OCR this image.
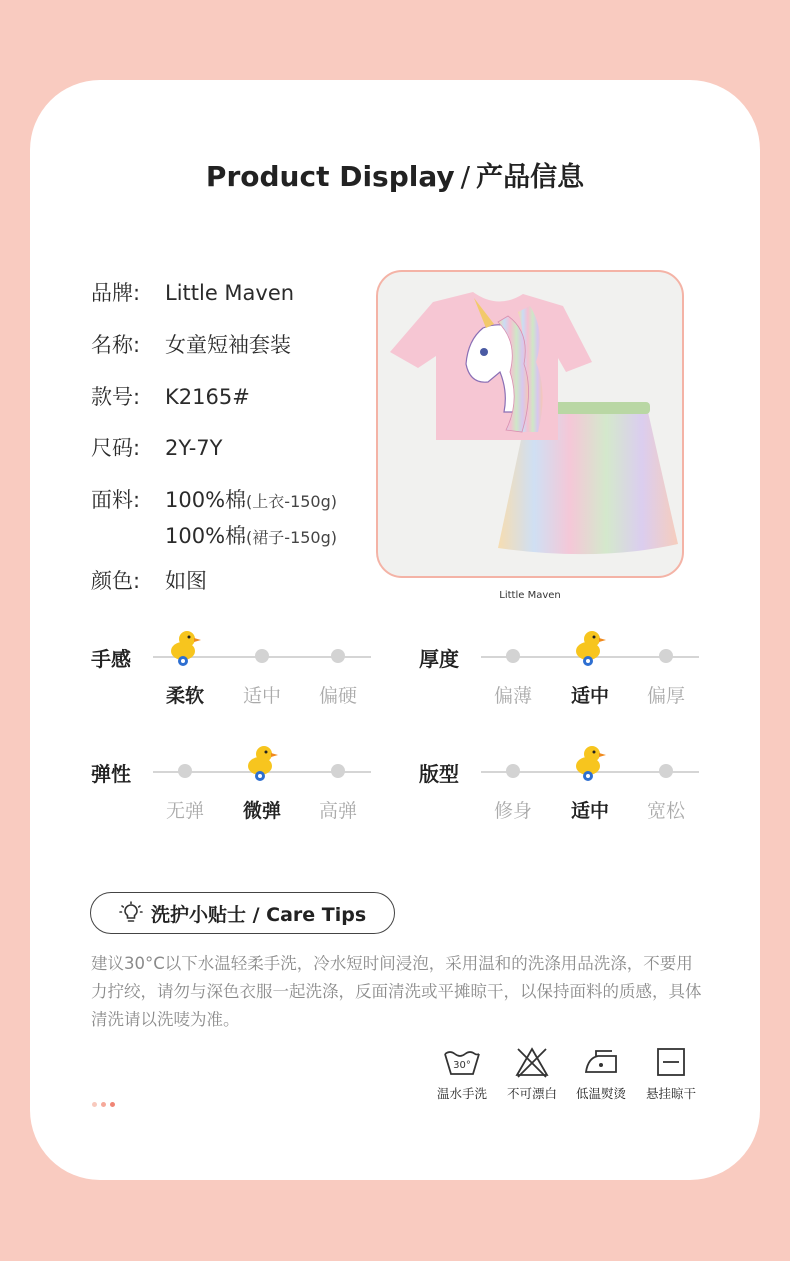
Product Display / 产品信息
品牌: Little Maven
名称: 女童短袖套装
款号: K2165#
尺码: 2Y-7Y
面料: 100%棉(上衣-150g)
100%棉(裙子-150g)
颜色: 如图
Little Maven
手感
柔软	适中	偏硬
厚度
偏薄	适中	偏厚
弹性
无弹	微弹	高弹
版型
修身	适中	宽松
洗护小贴士 / Care Tips
建议30°C以下水温轻柔手洗，冷水短时间浸泡，采用温和的洗涤用品洗涤，不要用力拧绞，请勿与深色衣服一起洗涤，反面清洗或平摊晾干，以保持面料的质感，具体清洗请以洗唛为准。
30°
温水手洗	不可漂白	低温熨烫	悬挂晾干
